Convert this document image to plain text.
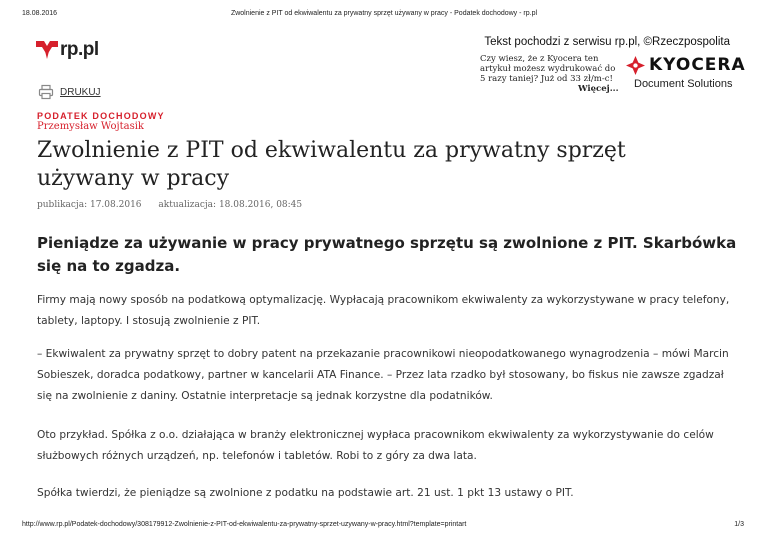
18.08.2016	Zwolnienie z PIT od ekwiwalentu za prywatny sprzęt używany w pracy - Podatek dochodowy - rp.pl
rp.pl	Tekst pochodzi z serwisu rp.pl, ©Rzeczpospolita
Czy wiesz, że z Kyocera ten artykuł możesz wydrukować do 5 razy taniej? Już od 33 zł/m-c!
Więcej...
KYOCERA
Document Solutions
DRUKUJ
PODATEK DOCHODOWY
Przemysław Wojtasik
Zwolnienie z PIT od ekwiwalentu za prywatny sprzęt używany w pracy
publikacja: 17.08.2016 aktualizacja: 18.08.2016, 08:45

Pieniądze za używanie w pracy prywatnego sprzętu są zwolnione z PIT. Skarbówka się na to zgadza.

Firmy mają nowy sposób na podatkową optymalizację. Wypłacają pracownikom ekwiwalenty za wykorzystywane w pracy telefony, tablety, laptopy. I stosują zwolnienie z PIT.

– Ekwiwalent za prywatny sprzęt to dobry patent na przekazanie pracownikowi nieopodatkowanego wynagrodzenia – mówi Marcin Sobieszek, doradca podatkowy, partner w kancelarii ATA Finance. – Przez lata rzadko był stosowany, bo fiskus nie zawsze zgadzał się na zwolnienie z daniny. Ostatnie interpretacje są jednak korzystne dla podatników.

Oto przykład. Spółka z o.o. działająca w branży elektronicznej wypłaca pracownikom ekwiwalenty za wykorzystywanie do celów służbowych różnych urządzeń, np. telefonów i tabletów. Robi to z góry za dwa lata.

Spółka twierdzi, że pieniądze są zwolnione z podatku na podstawie art. 21 ust. 1 pkt 13 ustawy o PIT.

http://www.rp.pl/Podatek-dochodowy/308179912-Zwolnienie-z-PIT-od-ekwiwalentu-za-prywatny-sprzet-uzywany-w-pracy.html?template=printart	1/3
